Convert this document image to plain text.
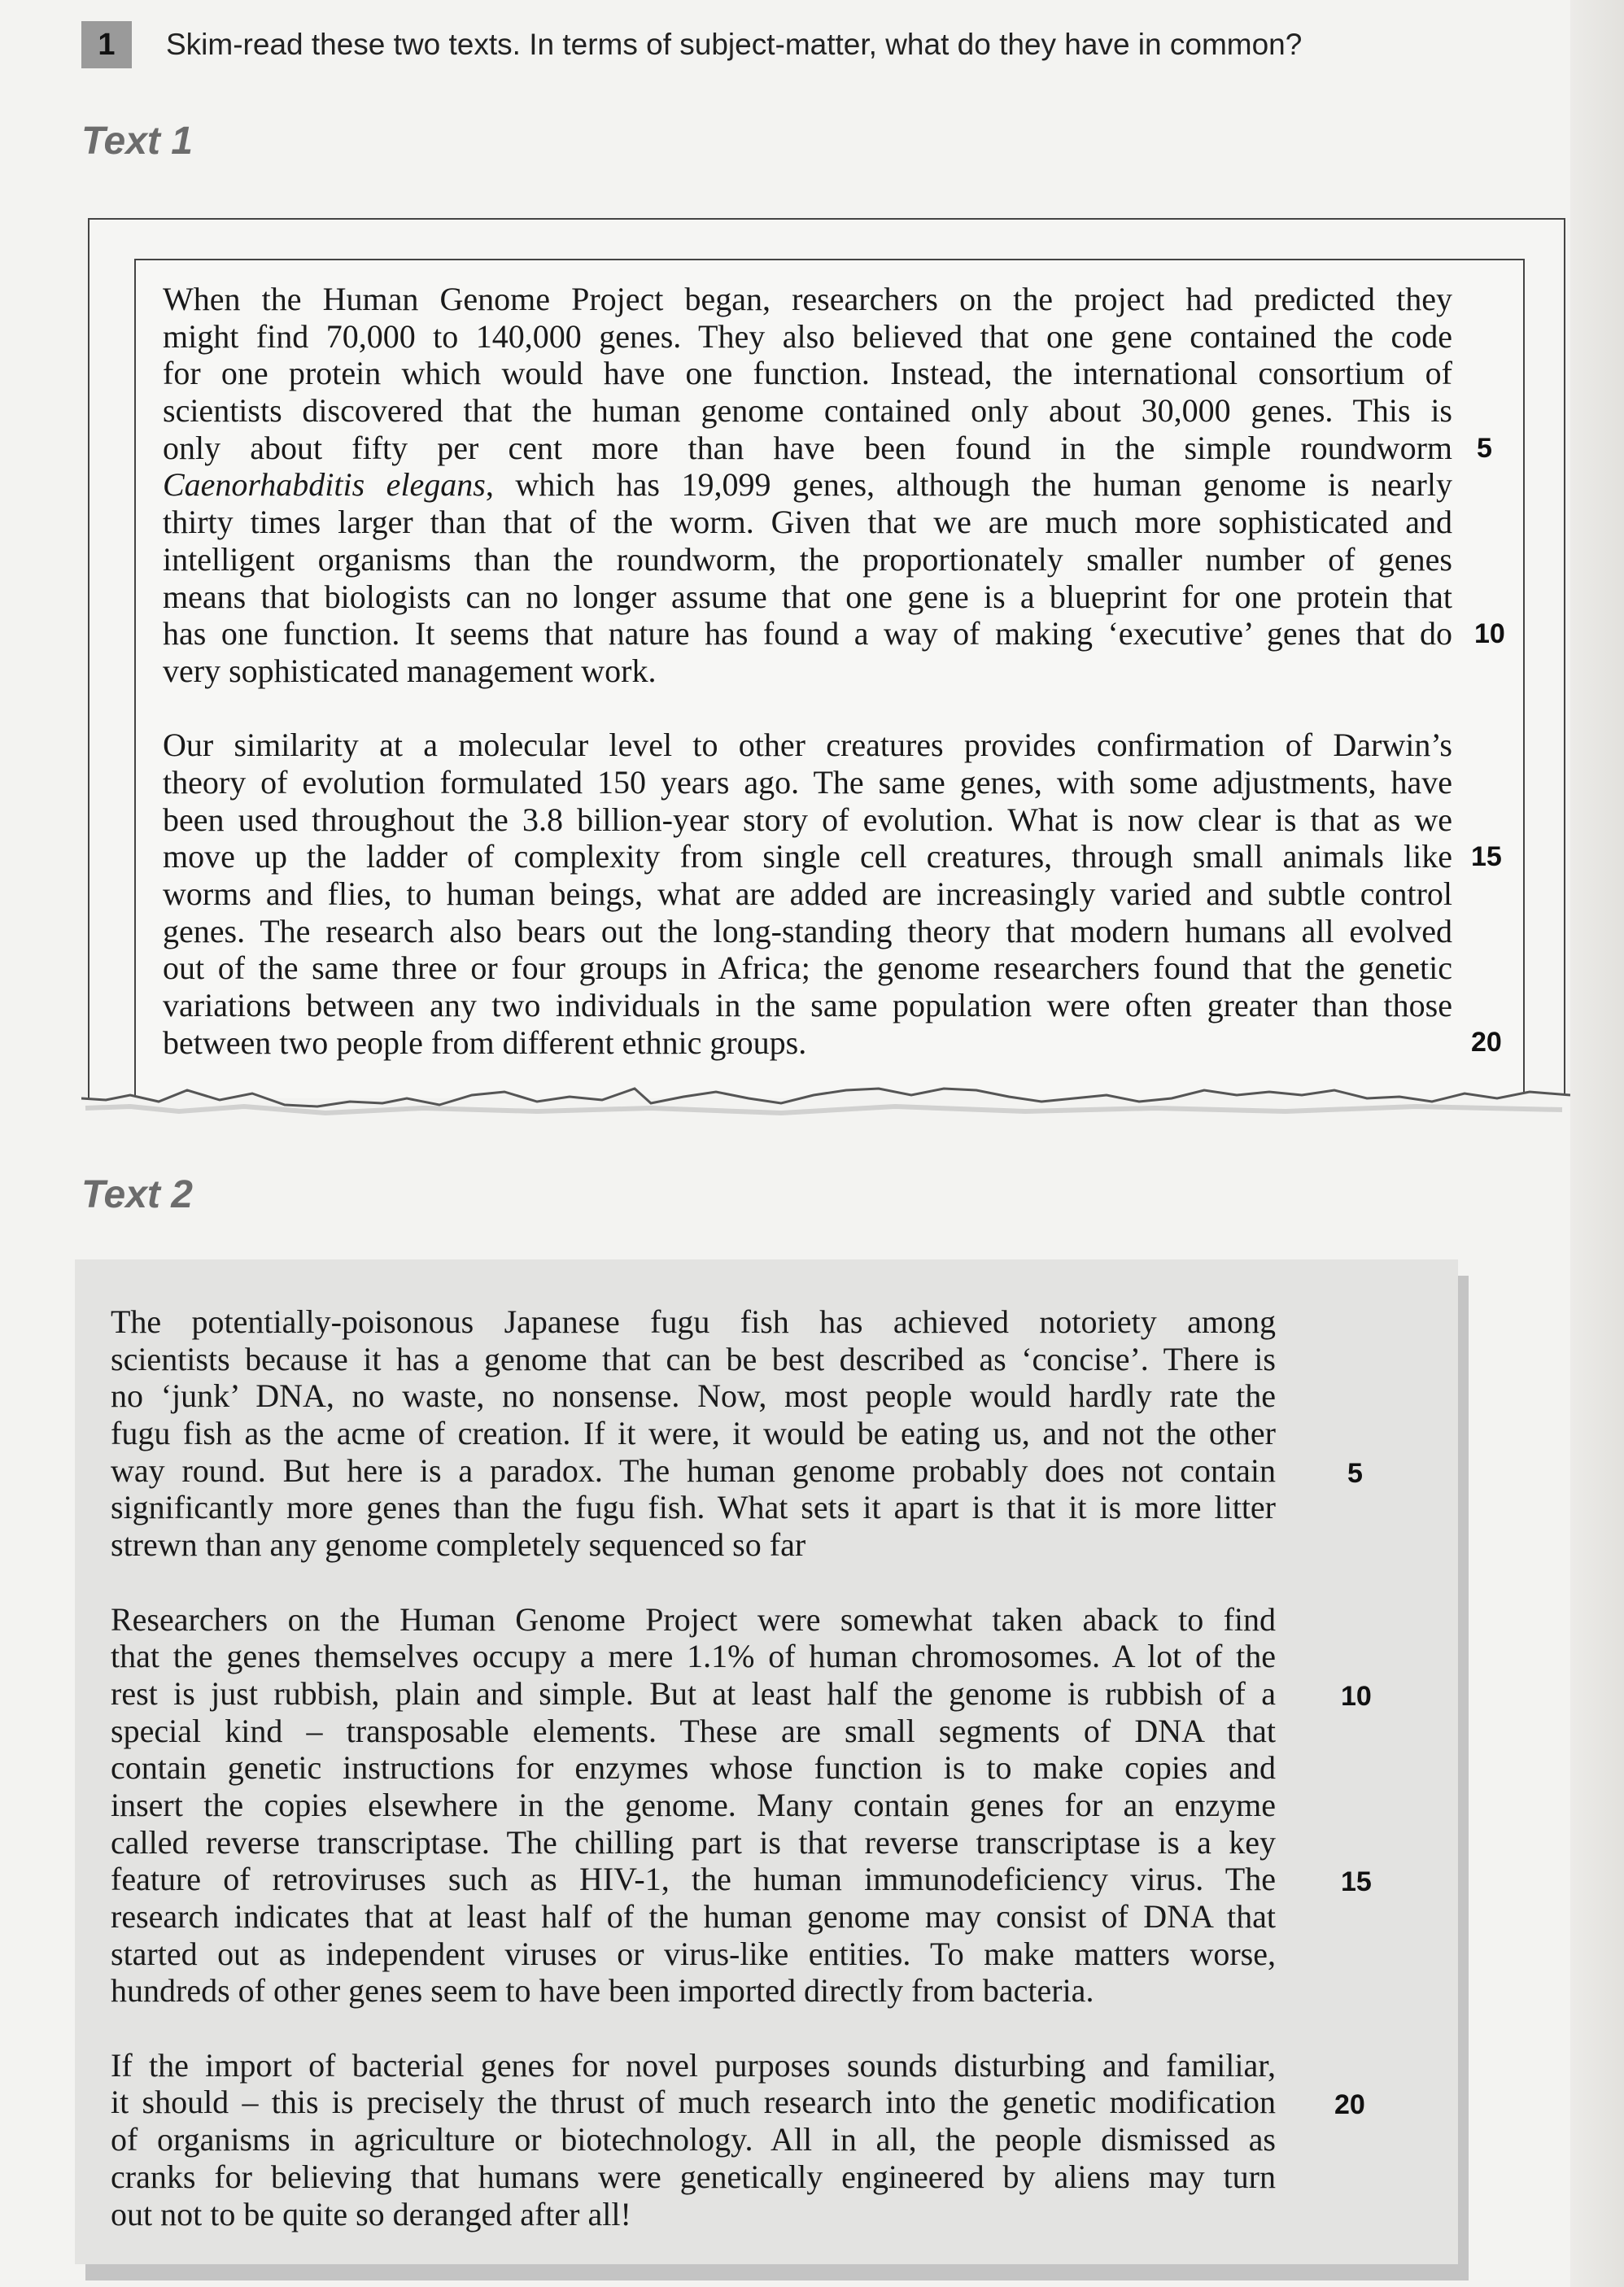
1	Skim-read these two texts. In terms of subject-matter, what do they have in common?
Text 1
When the Human Genome Project began, researchers on the project had predicted they
might find 70,000 to 140,000 genes. They also believed that one gene contained the code
for one protein which would have one function. Instead, the international consortium of
scientists discovered that the human genome contained only about 30,000 genes. This is
only about fifty per cent more than have been found in the simple roundworm
Caenorhabditis elegans, which has 19,099 genes, although the human genome is nearly
thirty times larger than that of the worm. Given that we are much more sophisticated and
intelligent organisms than the roundworm, the proportionately smaller number of genes
means that biologists can no longer assume that one gene is a blueprint for one protein that
has one function. It seems that nature has found a way of making ‘executive’ genes that do
very sophisticated management work.
Our similarity at a molecular level to other creatures provides confirmation of Darwin’s
theory of evolution formulated 150 years ago. The same genes, with some adjustments, have
been used throughout the 3.8 billion-year story of evolution. What is now clear is that as we
move up the ladder of complexity from single cell creatures, through small animals like
worms and flies, to human beings, what are added are increasingly varied and subtle control
genes. The research also bears out the long-standing theory that modern humans all evolved
out of the same three or four groups in Africa; the genome researchers found that the genetic
variations between any two individuals in the same population were often greater than those
between two people from different ethnic groups.
5
10
15
20
Text 2
The potentially-poisonous Japanese fugu fish has achieved notoriety among
scientists because it has a genome that can be best described as ‘concise’. There is
no ‘junk’ DNA, no waste, no nonsense. Now, most people would hardly rate the
fugu fish as the acme of creation. If it were, it would be eating us, and not the other
way round. But here is a paradox. The human genome probably does not contain
significantly more genes than the fugu fish. What sets it apart is that it is more litter
strewn than any genome completely sequenced so far
Researchers on the Human Genome Project were somewhat taken aback to find
that the genes themselves occupy a mere 1.1% of human chromosomes. A lot of the
rest is just rubbish, plain and simple. But at least half the genome is rubbish of a
special kind – transposable elements. These are small segments of DNA that
contain genetic instructions for enzymes whose function is to make copies and
insert the copies elsewhere in the genome. Many contain genes for an enzyme
called reverse transcriptase. The chilling part is that reverse transcriptase is a key
feature of retroviruses such as HIV-1, the human immunodeficiency virus. The
research indicates that at least half of the human genome may consist of DNA that
started out as independent viruses or virus-like entities. To make matters worse,
hundreds of other genes seem to have been imported directly from bacteria.
If the import of bacterial genes for novel purposes sounds disturbing and familiar,
it should – this is precisely the thrust of much research into the genetic modification
of organisms in agriculture or biotechnology. All in all, the people dismissed as
cranks for believing that humans were genetically engineered by aliens may turn
out not to be quite so deranged after all!
5
10
15
20
